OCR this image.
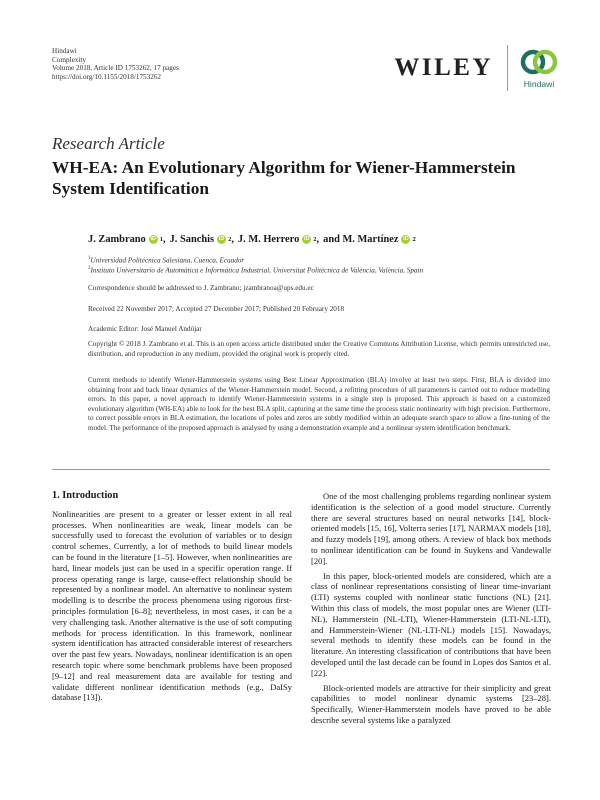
Hindawi
Complexity
Volume 2018, Article ID 1753262, 17 pages
https://doi.org/10.1155/2018/1753262	WILEY
Hindawi
Research Article
WH-EA: An Evolutionary Algorithm for Wiener-Hammerstein System Identification
J. Zambrano iD 1 , J. Sanchis iD 2 , J. M. Herrero iD 2 , and M. Martínez iD 2
$^1$Universidad Politécnica Salesiana, Cuenca, Ecuador
$^2$Instituto Universitario de Automática e Informática Industrial, Universitat Politècnica de València, València, Spain
Correspondence should be addressed to J. Zambrano; jzambranoa@ups.edu.ec
Received 22 November 2017; Accepted 27 December 2017; Published 20 February 2018
Academic Editor: José Manuel Andújar
Copyright © 2018 J. Zambrano et al. This is an open access article distributed under the Creative Commons Attribution License, which permits unrestricted use, distribution, and reproduction in any medium, provided the original work is properly cited.
Current methods to identify Wiener-Hammerstein systems using Best Linear Approximation (BLA) involve at least two steps. First, BLA is divided into obtaining front and back linear dynamics of the Wiener-Hammerstein model. Second, a refitting procedure of all parameters is carried out to reduce modelling errors. In this paper, a novel approach to identify Wiener-Hammerstein systems in a single step is proposed. This approach is based on a customized evolutionary algorithm (WH-EA) able to look for the best BLA split, capturing at the same time the process static nonlinearity with high precision. Furthermore, to correct possible errors in BLA estimation, the locations of poles and zeros are subtly modified within an adequate search space to allow a fine-tuning of the model. The performance of the proposed approach is analysed by using a demonstration example and a nonlinear system identification benchmark.
1. Introduction

Nonlinearities are present to a greater or lesser extent in all real processes. When nonlinearities are weak, linear models can be successfully used to forecast the evolution of variables or to design control schemes. Currently, a lot of methods to build linear models can be found in the literature [1–5]. However, when nonlinearities are hard, linear models just can be used in a specific operation range. If process operating range is large, cause-effect relationship should be represented by a nonlinear model. An alternative to nonlinear system modelling is to describe the process phenomena using rigorous first-principles formulation [6–8]; nevertheless, in most cases, it can be a very challenging task. Another alternative is the use of soft computing methods for process identification. In this framework, nonlinear system identification has attracted considerable interest of researchers over the past few years. Nowadays, nonlinear identification is an open research topic where some benchmark problems have been proposed [9–12] and real measurement data are available for testing and validate different nonlinear identification methods (e.g., DaISy database [13]).

One of the most challenging problems regarding nonlinear system identification is the selection of a good model structure. Currently there are several structures based on neural networks [14], block-oriented models [15, 16], Volterra series [17], NARMAX models [18], and fuzzy models [19], among others. A review of black box methods to nonlinear identification can be found in Suykens and Vandewalle [20].

In this paper, block-oriented models are considered, which are a class of nonlinear representations consisting of linear time-invariant (LTI) systems coupled with nonlinear static functions (NL) [21]. Within this class of models, the most popular ones are Wiener (LTI-NL), Hammerstein (NL-LTI), Wiener-Hammerstein (LTI-NL-LTI), and Hammerstein-Wiener (NL-LTI-NL) models [15]. Nowadays, several methods to identify these models can be found in the literature. An interesting classification of contributions that have been developed until the last decade can be found in Lopes dos Santos et al. [22].

Block-oriented models are attractive for their simplicity and great capabilities to model nonlinear dynamic systems [23–28]. Specifically, Wiener-Hammerstein models have proved to be able describe several systems like a paralyzed
